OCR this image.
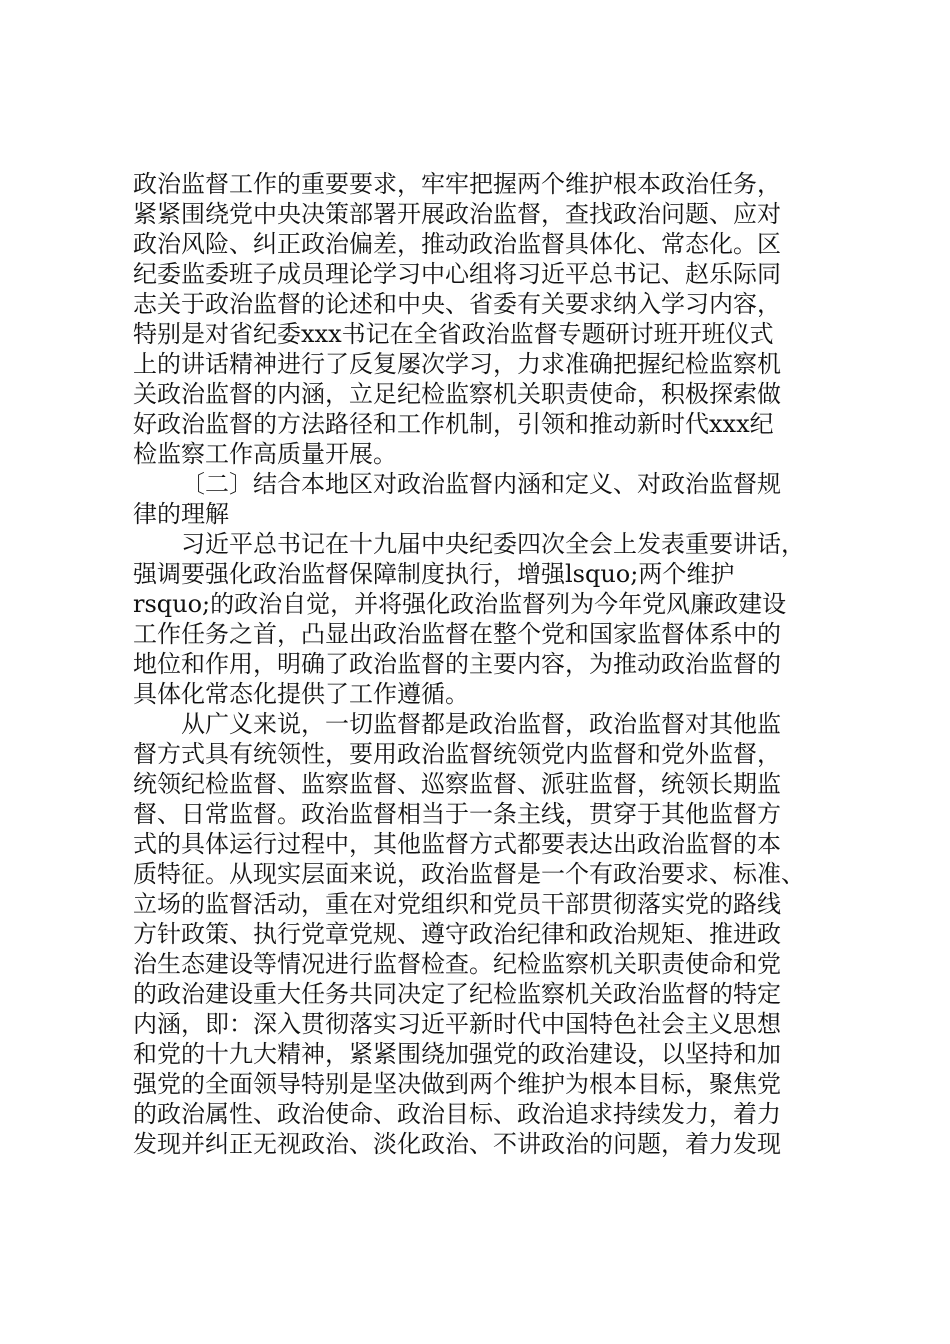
政治监督工作的重要要求，牢牢把握两个维护根本政治任务，
紧紧围绕党中央决策部署开展政治监督，查找政治问题、应对
政治风险、纠正政治偏差，推动政治监督具体化、常态化。区
纪委监委班子成员理论学习中心组将习近平总书记、赵乐际同
志关于政治监督的论述和中央、省委有关要求纳入学习内容，
特别是对省纪委xxx书记在全省政治监督专题研讨班开班仪式
上的讲话精神进行了反复屡次学习，力求准确把握纪检监察机
关政治监督的内涵，立足纪检监察机关职责使命，积极探索做
好政治监督的方法路径和工作机制，引领和推动新时代xxx纪
检监察工作高质量开展。
〔二〕结合本地区对政治监督内涵和定义、对政治监督规
律的理解
习近平总书记在十九届中央纪委四次全会上发表重要讲话，
强调要强化政治监督保障制度执行，增强lsquo;两个维护
rsquo;的政治自觉，并将强化政治监督列为今年党风廉政建设
工作任务之首，凸显出政治监督在整个党和国家监督体系中的
地位和作用，明确了政治监督的主要内容，为推动政治监督的
具体化常态化提供了工作遵循。
从广义来说，一切监督都是政治监督，政治监督对其他监
督方式具有统领性，要用政治监督统领党内监督和党外监督，
统领纪检监督、监察监督、巡察监督、派驻监督，统领长期监
督、日常监督。政治监督相当于一条主线，贯穿于其他监督方
式的具体运行过程中，其他监督方式都要表达出政治监督的本
质特征。从现实层面来说，政治监督是一个有政治要求、标准、
立场的监督活动，重在对党组织和党员干部贯彻落实党的路线
方针政策、执行党章党规、遵守政治纪律和政治规矩、推进政
治生态建设等情况进行监督检查。纪检监察机关职责使命和党
的政治建设重大任务共同决定了纪检监察机关政治监督的特定
内涵，即：深入贯彻落实习近平新时代中国特色社会主义思想
和党的十九大精神，紧紧围绕加强党的政治建设，以坚持和加
强党的全面领导特别是坚决做到两个维护为根本目标，聚焦党
的政治属性、政治使命、政治目标、政治追求持续发力，着力
发现并纠正无视政治、淡化政治、不讲政治的问题，着力发现
